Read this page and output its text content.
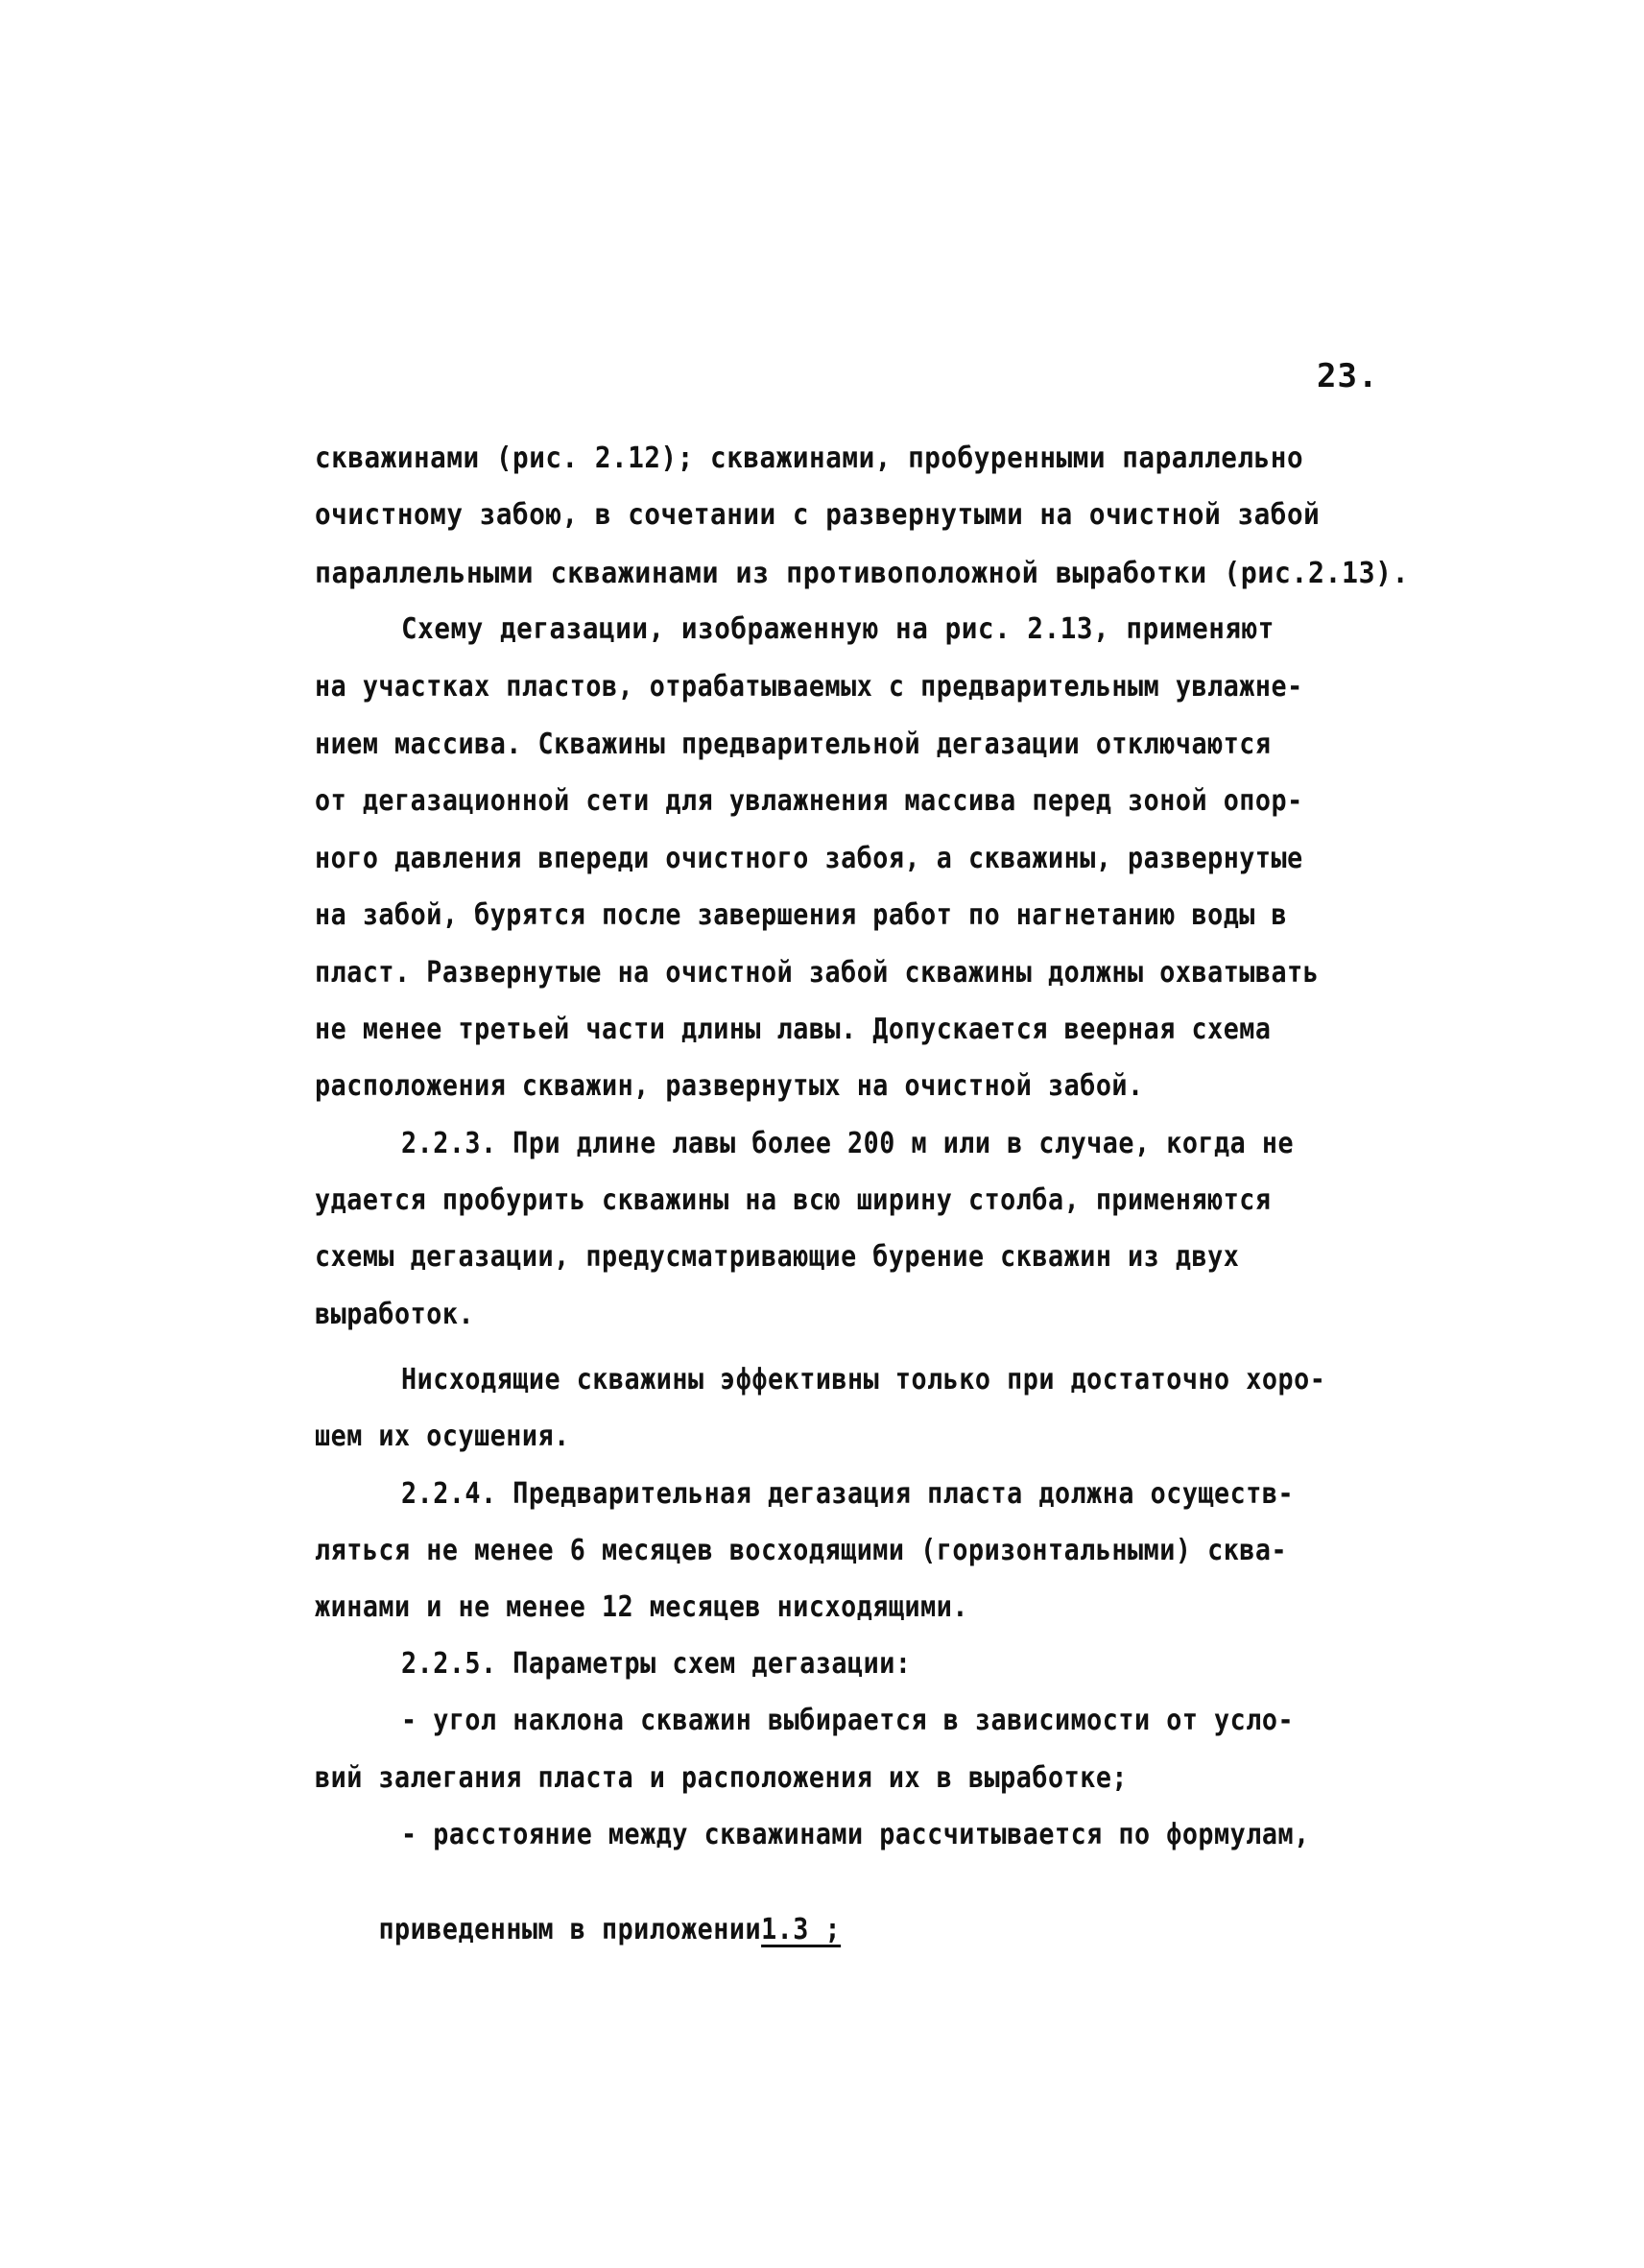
23.
скважинами (рис. 2.12); скважинами, пробуренными параллельно
очистному забою, в сочетании с развернутыми на очистной забой
параллельными скважинами из противоположной выработки (рис.2.13).
Схему дегазации, изображенную на рис. 2.13, применяют
на участках пластов, отрабатываемых с предварительным увлажне-
нием массива. Скважины предварительной дегазации отключаются
от дегазационной сети для увлажнения массива перед зоной опор-
ного давления впереди очистного забоя, а скважины, развернутые
на забой, бурятся после завершения работ по нагнетанию воды в
пласт. Развернутые на очистной забой скважины должны охватывать
не менее третьей части длины лавы. Допускается веерная схема
расположения скважин, развернутых на очистной забой.
2.2.3. При длине лавы более 200 м или в случае, когда не
удается пробурить скважины на всю ширину столба, применяются
схемы дегазации, предусматривающие бурение скважин из двух
выработок.
Нисходящие скважины эффективны только при достаточно хоро-
шем их осушения.
2.2.4. Предварительная дегазация пласта должна осуществ-
ляться не менее 6 месяцев восходящими (горизонтальными) сква-
жинами и не менее 12 месяцев нисходящими.
2.2.5. Параметры схем дегазации:
- угол наклона скважин выбирается в зависимости от усло-
вий залегания пласта и расположения их в выработке;
- расстояние между скважинами рассчитывается по формулам,

приведенным в приложении1.3 ;
